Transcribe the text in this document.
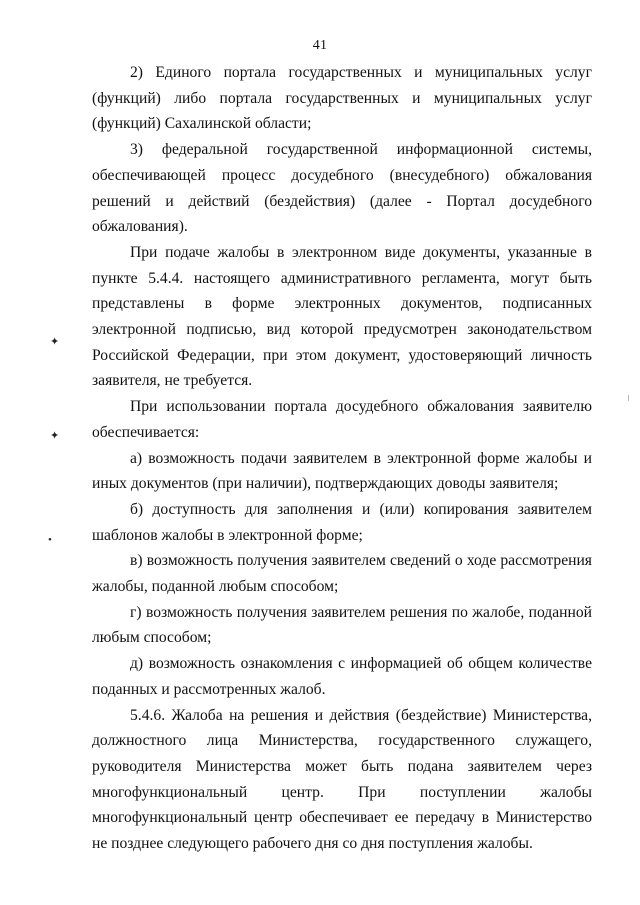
41
✦
✦
•

2) Единого портала государственных и муниципальных услуг (функций) либо портала государственных и муниципальных услуг (функций) Сахалинской области;

3) федеральной государственной информационной системы, обеспечивающей процесс досудебного (внесудебного) обжалования решений и действий (бездействия) (далее - Портал досудебного обжалования).

При подаче жалобы в электронном виде документы, указанные в пункте 5.4.4. настоящего административного регламента, могут быть представлены в форме электронных документов, подписанных электронной подписью, вид которой предусмотрен законодательством Российской Федерации, при этом документ, удостоверяющий личность заявителя, не требуется.

При использовании портала досудебного обжалования заявителю обеспечивается:

а) возможность подачи заявителем в электронной форме жалобы и иных документов (при наличии), подтверждающих доводы заявителя;

б) доступность для заполнения и (или) копирования заявителем шаблонов жалобы в электронной форме;

в) возможность получения заявителем сведений о ходе рассмотрения жалобы, поданной любым способом;

г) возможность получения заявителем решения по жалобе, поданной любым способом;

д) возможность ознакомления с информацией об общем количестве поданных и рассмотренных жалоб.

5.4.6. Жалоба на решения и действия (бездействие) Министерства, должностного лица Министерства, государственного служащего, руководителя Министерства может быть подана заявителем через многофункциональный центр. При поступлении жалобы многофункциональный центр обеспечивает ее передачу в Министерство не позднее следующего рабочего дня со дня поступления жалобы.
